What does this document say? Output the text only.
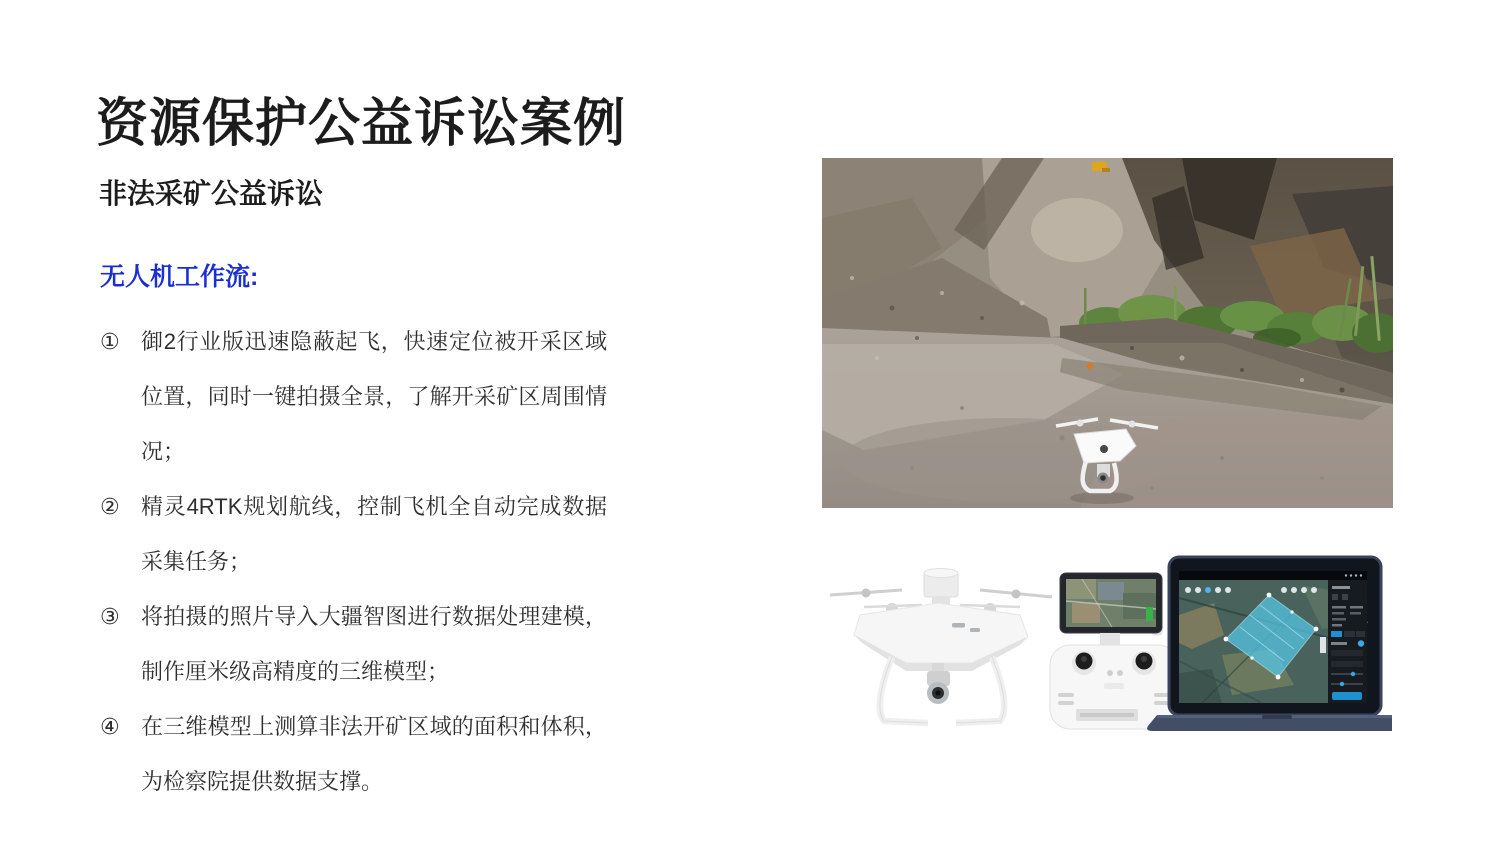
资源保护公益诉讼案例
非法采矿公益诉讼
无人机工作流:
① 御2行业版迅速隐蔽起飞，快速定位被开采区域位置，同时一键拍摄全景，了解开采矿区周围情况；
② 精灵4RTK规划航线，控制飞机全自动完成数据采集任务；
③ 将拍摄的照片导入大疆智图进行数据处理建模，制作厘米级高精度的三维模型；
④ 在三维模型上测算非法开矿区域的面积和体积，为检察院提供数据支撑。
